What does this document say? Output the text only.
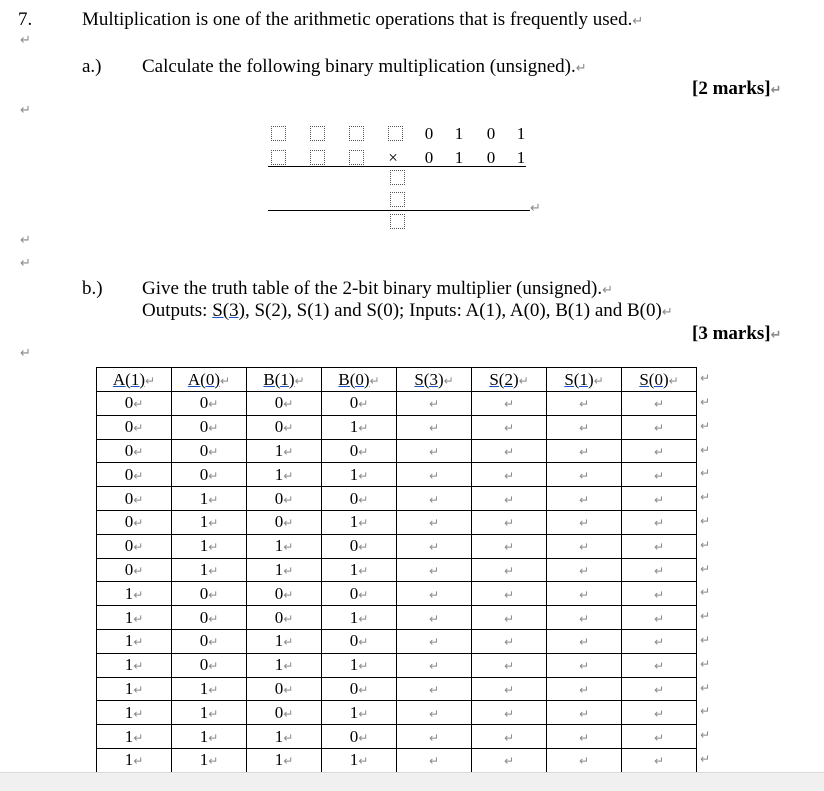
7.	Multiplication is one of the arithmetic operations that is frequently used.↵
↵
a.) Calculate the following binary multiplication (unsigned).↵
[2 marks]↵
↵
0 1 0 1
× 0 1 0 1
↵
↵
↵
b.) Give the truth table of the 2-bit binary multiplier (unsigned).↵
Outputs: S(3), S(2), S(1) and S(0); Inputs: A(1), A(0), B(1) and B(0)↵
[3 marks]↵
↵
A(1)↵	A(0)↵	B(1)↵	B(0)↵	S(3)↵	S(2)↵	S(1)↵	S(0)↵
0↵	0↵	0↵	0↵	↵	↵	↵	↵
0↵	0↵	0↵	1↵	↵	↵	↵	↵
0↵	0↵	1↵	0↵	↵	↵	↵	↵
0↵	0↵	1↵	1↵	↵	↵	↵	↵
0↵	1↵	0↵	0↵	↵	↵	↵	↵
0↵	1↵	0↵	1↵	↵	↵	↵	↵
0↵	1↵	1↵	0↵	↵	↵	↵	↵
0↵	1↵	1↵	1↵	↵	↵	↵	↵
1↵	0↵	0↵	0↵	↵	↵	↵	↵
1↵	0↵	0↵	1↵	↵	↵	↵	↵
1↵	0↵	1↵	0↵	↵	↵	↵	↵
1↵	0↵	1↵	1↵	↵	↵	↵	↵
1↵	1↵	0↵	0↵	↵	↵	↵	↵
1↵	1↵	0↵	1↵	↵	↵	↵	↵
1↵	1↵	1↵	0↵	↵	↵	↵	↵
1↵	1↵	1↵	1↵	↵	↵	↵	↵
↵
↵
↵
↵
↵
↵
↵
↵
↵
↵
↵
↵
↵
↵
↵
↵
↵
